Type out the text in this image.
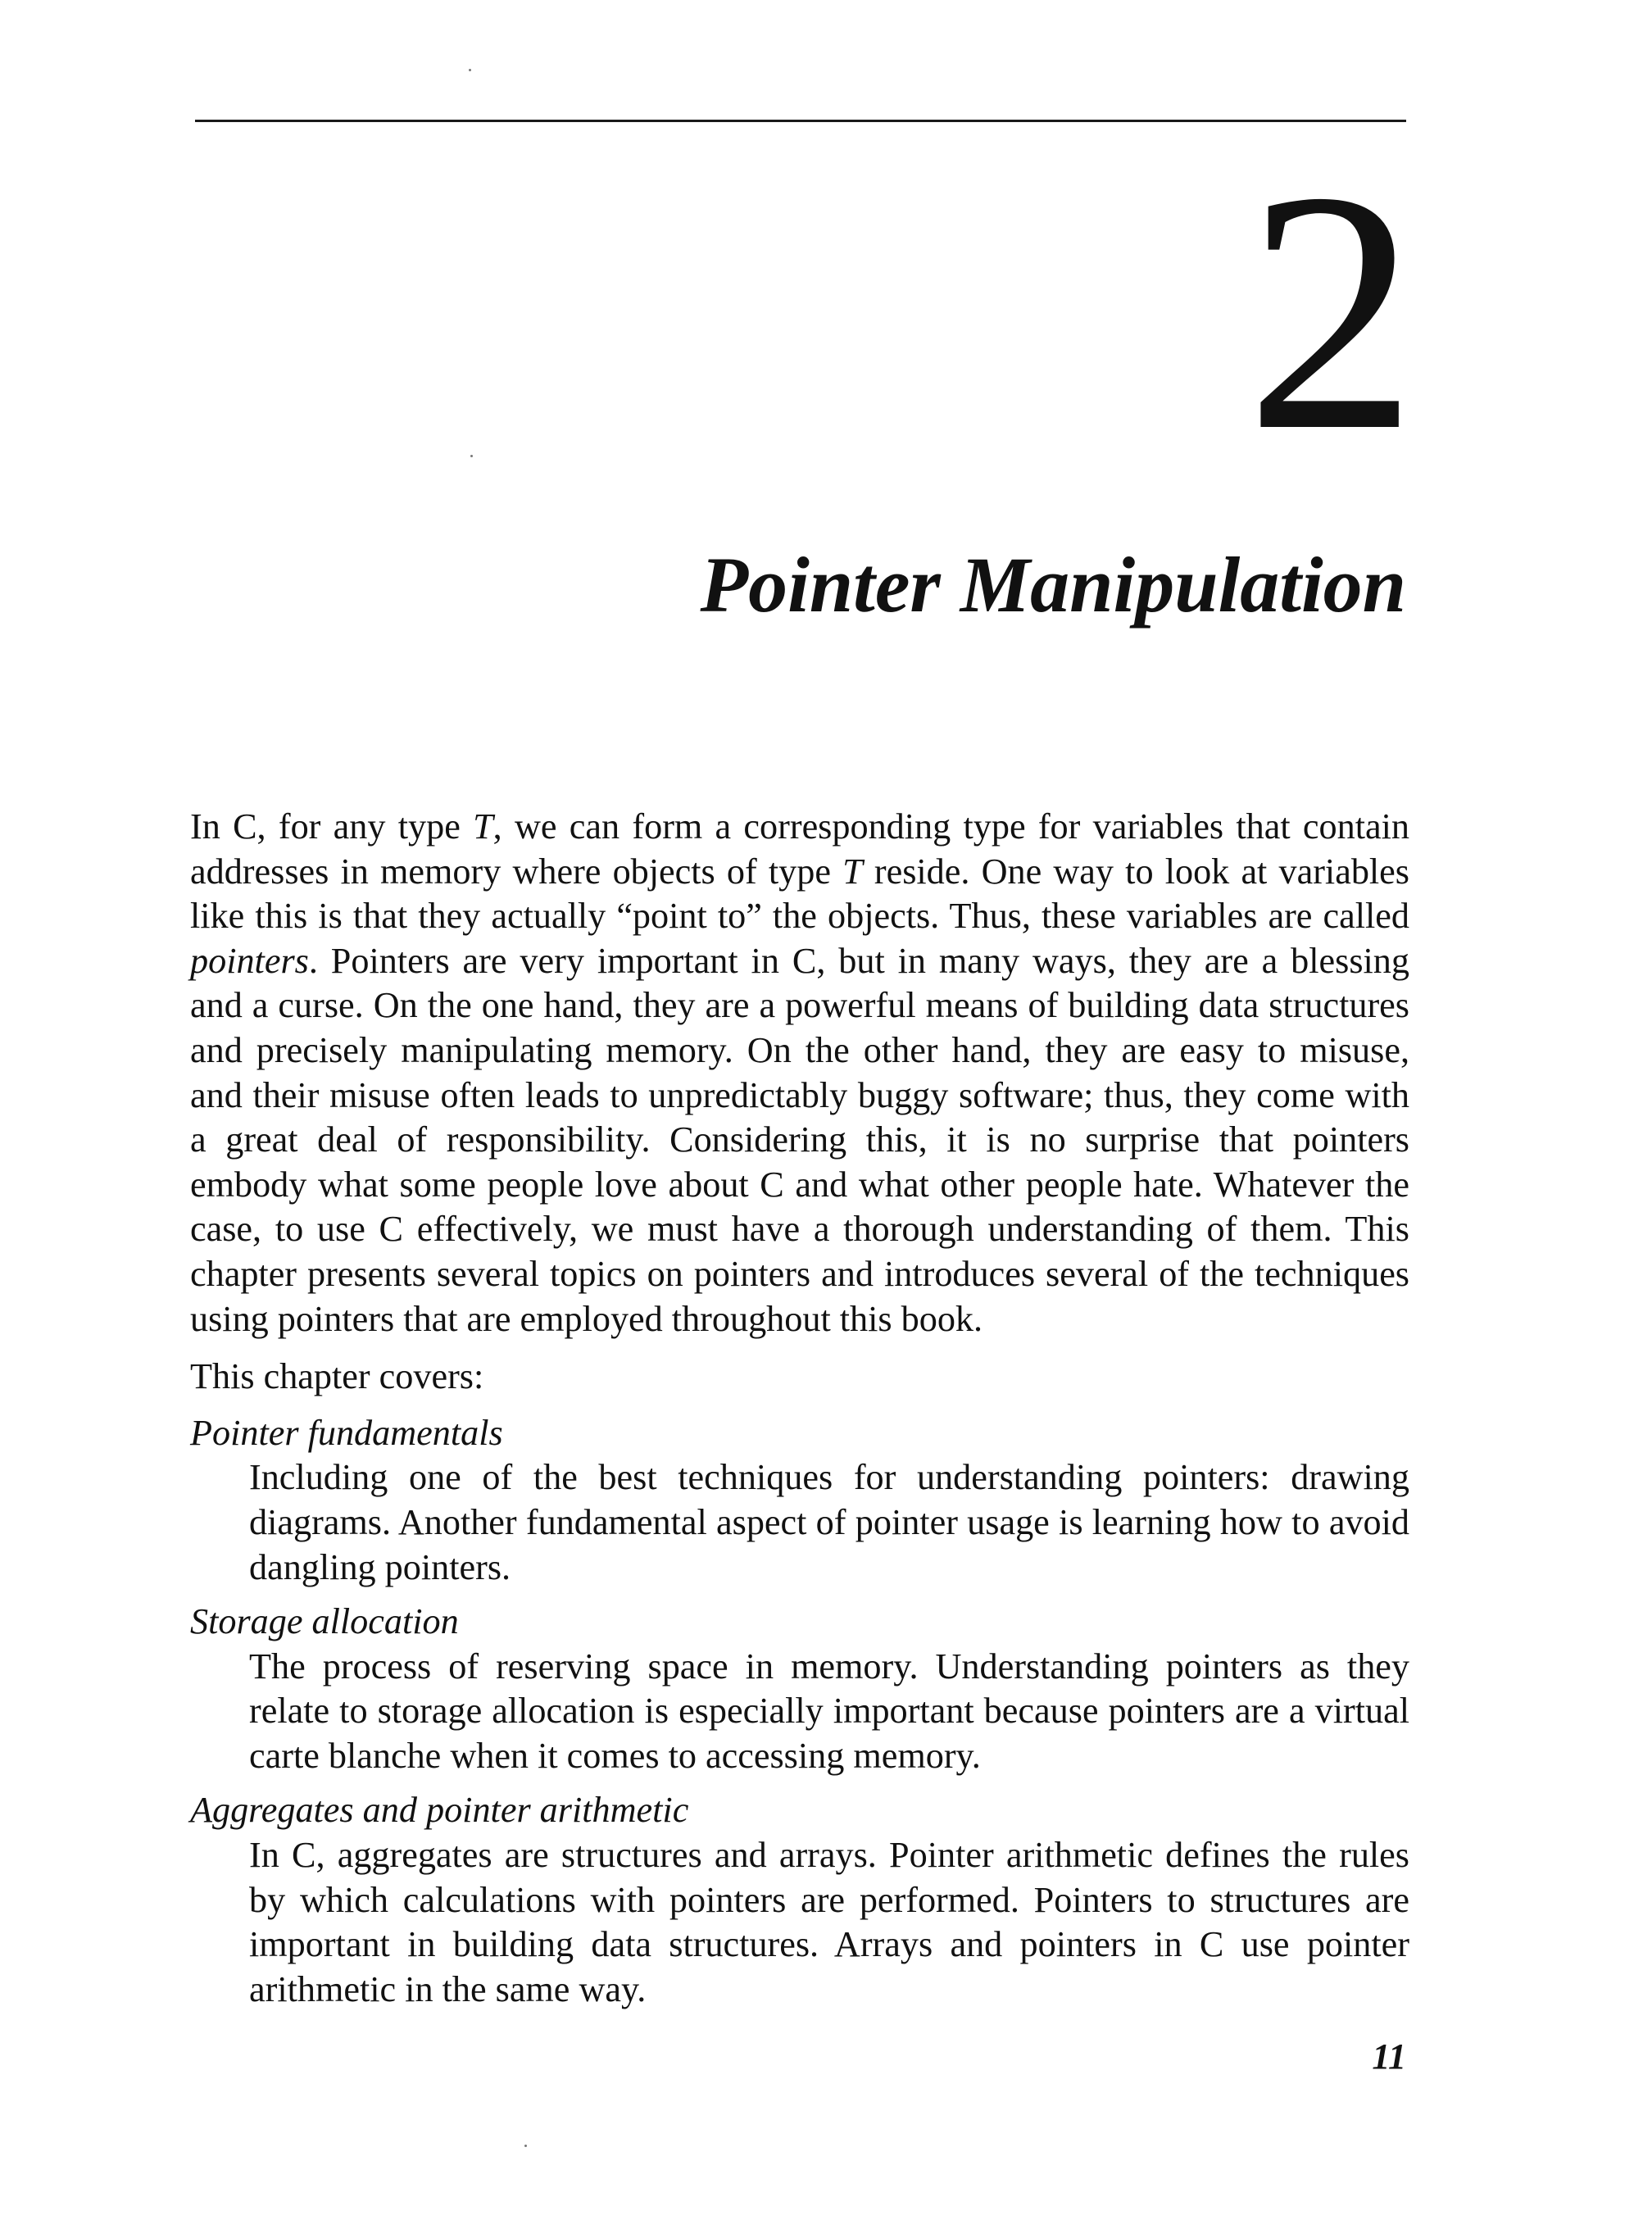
2
Pointer Manipulation

In C, for any type T, we can form a corresponding type for variables that contain addresses in memory where objects of type T reside. One way to look at variables like this is that they actually “point to” the objects. Thus, these variables are called pointers. Pointers are very important in C, but in many ways, they are a blessing and a curse. On the one hand, they are a powerful means of building data structures and precisely manipulating memory. On the other hand, they are easy to misuse, and their misuse often leads to unpredictably buggy software; thus, they come with a great deal of responsibility. Considering this, it is no surprise that pointers embody what some people love about C and what other people hate. Whatever the case, to use C effectively, we must have a thorough understanding of them. This chapter presents several topics on pointers and introduces several of the techniques using pointers that are employed throughout this book.

This chapter covers:

Pointer fundamentals
Including one of the best techniques for understanding pointers: drawing diagrams. Another fundamental aspect of pointer usage is learning how to avoid dangling pointers.
Storage allocation
The process of reserving space in memory. Understanding pointers as they relate to storage allocation is especially important because pointers are a virtual carte blanche when it comes to accessing memory.
Aggregates and pointer arithmetic
In C, aggregates are structures and arrays. Pointer arithmetic defines the rules by which calculations with pointers are performed. Pointers to structures are important in building data structures. Arrays and pointers in C use pointer arithmetic in the same way.
11
